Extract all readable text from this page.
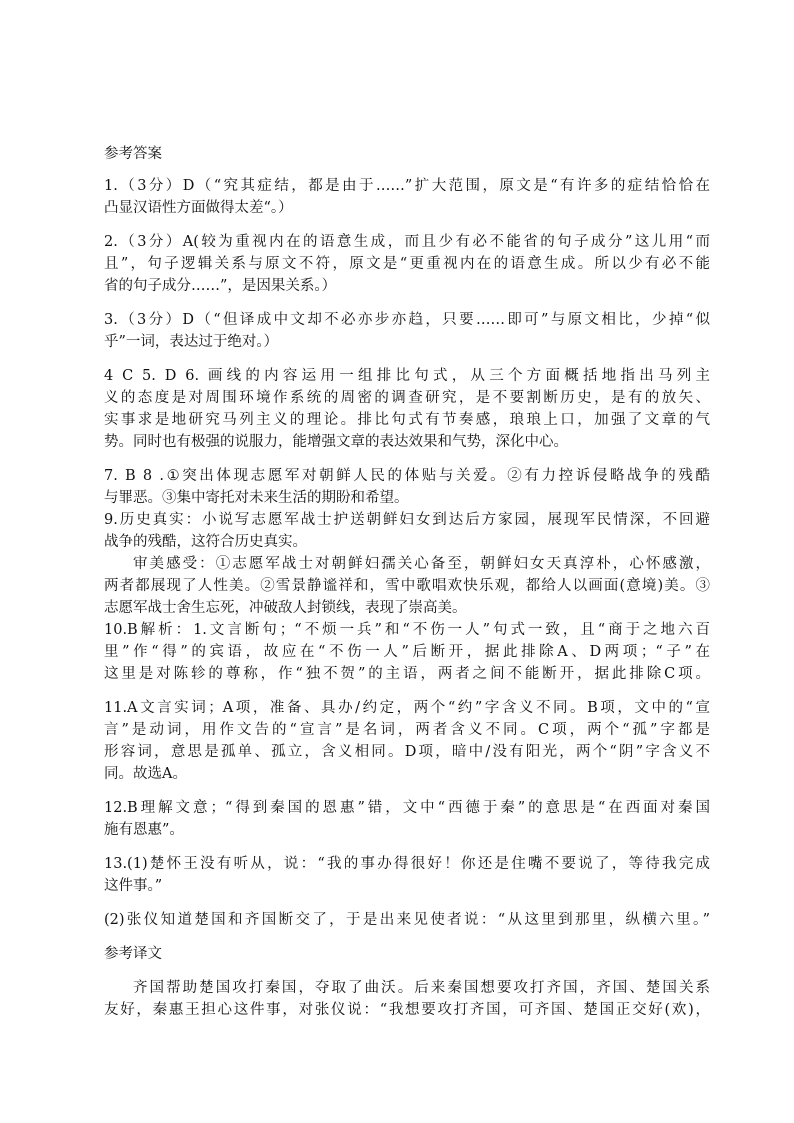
参考答案
1.（3分）D（“究其症结，都是由于……”扩大范围，原文是“有许多的症结恰恰在
凸显汉语性方面做得太差“。）
2.（3分）A(较为重视内在的语意生成，而且少有必不能省的句子成分”这儿用“而
且”，句子逻辑关系与原文不符，原文是“更重视内在的语意生成。所以少有必不能
省的句子成分……”，是因果关系。）
3.（3分）D（“但译成中文却不必亦步亦趋，只要……即可”与原文相比，少掉“似
乎”一词，表达过于绝对。）
4 C 5. D 6. 画线的内容运用一组排比句式，从三个方面概括地指出马列主
义的态度是对周围环境作系统的周密的调查研究，是不要割断历史，是有的放矢、
实事求是地研究马列主义的理论。排比句式有节奏感，琅琅上口，加强了文章的气
势。同时也有极强的说服力，能增强文章的表达效果和气势，深化中心。
7. B 8 .①突出体现志愿军对朝鲜人民的体贴与关爱。②有力控诉侵略战争的残酷
与罪恶。③集中寄托对未来生活的期盼和希望。
9.历史真实：小说写志愿军战士护送朝鲜妇女到达后方家园，展现军民情深，不回避
战争的残酷，这符合历史真实。
审美感受：①志愿军战士对朝鲜妇孺关心备至，朝鲜妇女天真淳朴，心怀感激，
两者都展现了人性美。②雪景静谧祥和，雪中歌唱欢快乐观，都给人以画面(意境)美。③
志愿军战士舍生忘死，冲破敌人封锁线，表现了崇高美。
10.B解析：1.文言断句；“不烦一兵”和“不伤一人”句式一致，且“商于之地六百
里”作“得”的宾语，故应在“不伤一人”后断开，据此排除A、D两项；“子”在
这里是对陈轸的尊称，作“独不贺”的主语，两者之间不能断开，据此排除C项。
11.A文言实词；A项，准备、具办/约定，两个“约”字含义不同。B项，文中的“宣
言”是动词，用作文告的“宣言”是名词，两者含义不同。C项，两个“孤”字都是
形容词，意思是孤单、孤立，含义相同。D项，暗中/没有阳光，两个“阴”字含义不
同。故选A。
12.B理解文意；“得到秦国的恩惠”错，文中“西德于秦”的意思是“在西面对秦国
施有恩惠”。
13.(1)楚怀王没有听从，说：“我的事办得很好！你还是住嘴不要说了，等待我完成
这件事。”
(2)张仪知道楚国和齐国断交了，于是出来见使者说：“从这里到那里，纵横六里。”
参考译文
齐国帮助楚国攻打秦国，夺取了曲沃。后来秦国想要攻打齐国，齐国、楚国关系
友好，秦惠王担心这件事，对张仪说：“我想要攻打齐国，可齐国、楚国正交好(欢)，
